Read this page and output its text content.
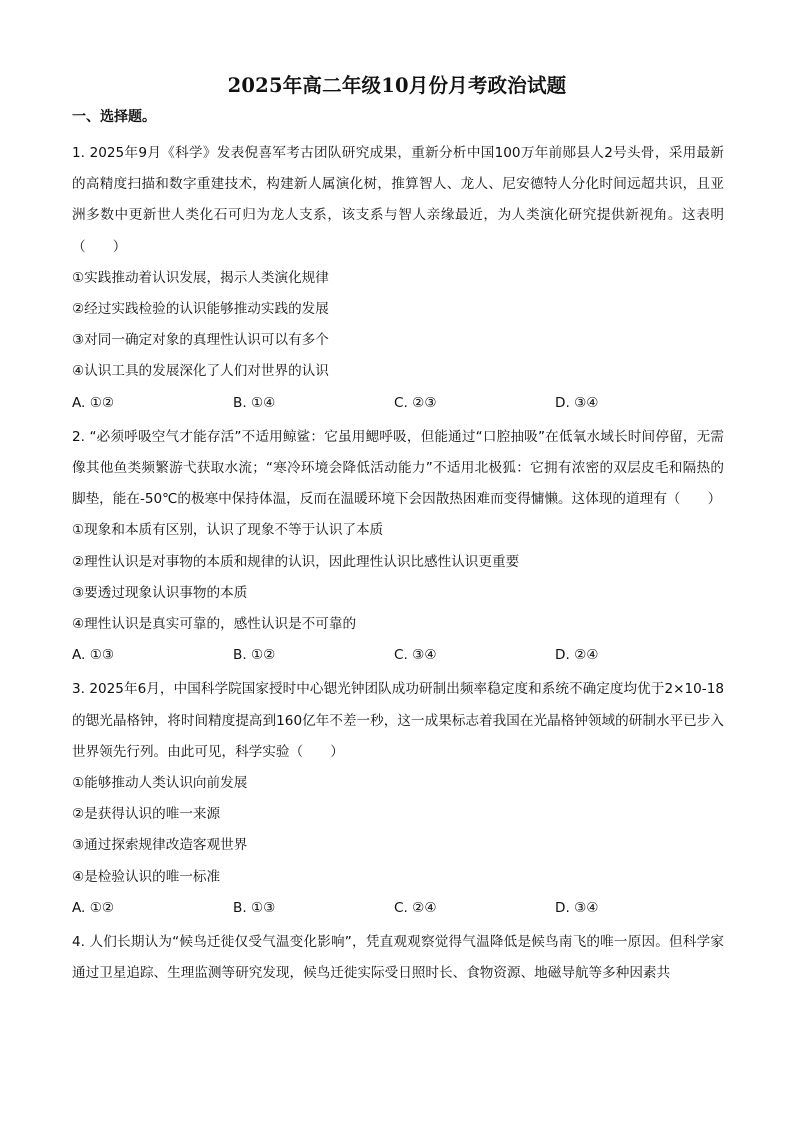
2025年高二年级10月份月考政治试题
一、选择题。

1. 2025年9月《科学》发表倪喜军考古团队研究成果，重新分析中国100万年前郧县人2号头骨，采用最新的高精度扫描和数字重建技术，构建新人属演化树，推算智人、龙人、尼安德特人分化时间远超共识，且亚洲多数中更新世人类化石可归为龙人支系，该支系与智人亲缘最近，为人类演化研究提供新视角。这表明（　　）

①实践推动着认识发展，揭示人类演化规律

②经过实践检验的认识能够推动实践的发展

③对同一确定对象的真理性认识可以有多个

④认识工具的发展深化了人们对世界的认识

A. ①②	B. ①④	C. ②③	D. ③④

2. “必须呼吸空气才能存活”不适用鲸鲨：它虽用鳃呼吸，但能通过“口腔抽吸”在低氧水域长时间停留，无需像其他鱼类频繁游弋获取水流；“寒冷环境会降低活动能力”不适用北极狐：它拥有浓密的双层皮毛和隔热的脚垫，能在-50℃的极寒中保持体温，反而在温暖环境下会因散热困难而变得慵懒。这体现的道理有（　　）

①现象和本质有区别，认识了现象不等于认识了本质

②理性认识是对事物的本质和规律的认识，因此理性认识比感性认识更重要

③要透过现象认识事物的本质

④理性认识是真实可靠的，感性认识是不可靠的

A. ①③	B. ①②	C. ③④	D. ②④

3. 2025年6月，中国科学院国家授时中心锶光钟团队成功研制出频率稳定度和系统不确定度均优于2×10-18的锶光晶格钟，将时间精度提高到160亿年不差一秒，这一成果标志着我国在光晶格钟领域的研制水平已步入世界领先行列。由此可见，科学实验（　　）

①能够推动人类认识向前发展

②是获得认识的唯一来源

③通过探索规律改造客观世界

④是检验认识的唯一标准

A. ①②	B. ①③	C. ②④	D. ③④

4. 人们长期认为“候鸟迁徙仅受气温变化影响”，凭直观观察觉得气温降低是候鸟南飞的唯一原因。但科学家通过卫星追踪、生理监测等研究发现，候鸟迁徙实际受日照时长、食物资源、地磁导航等多种因素共
